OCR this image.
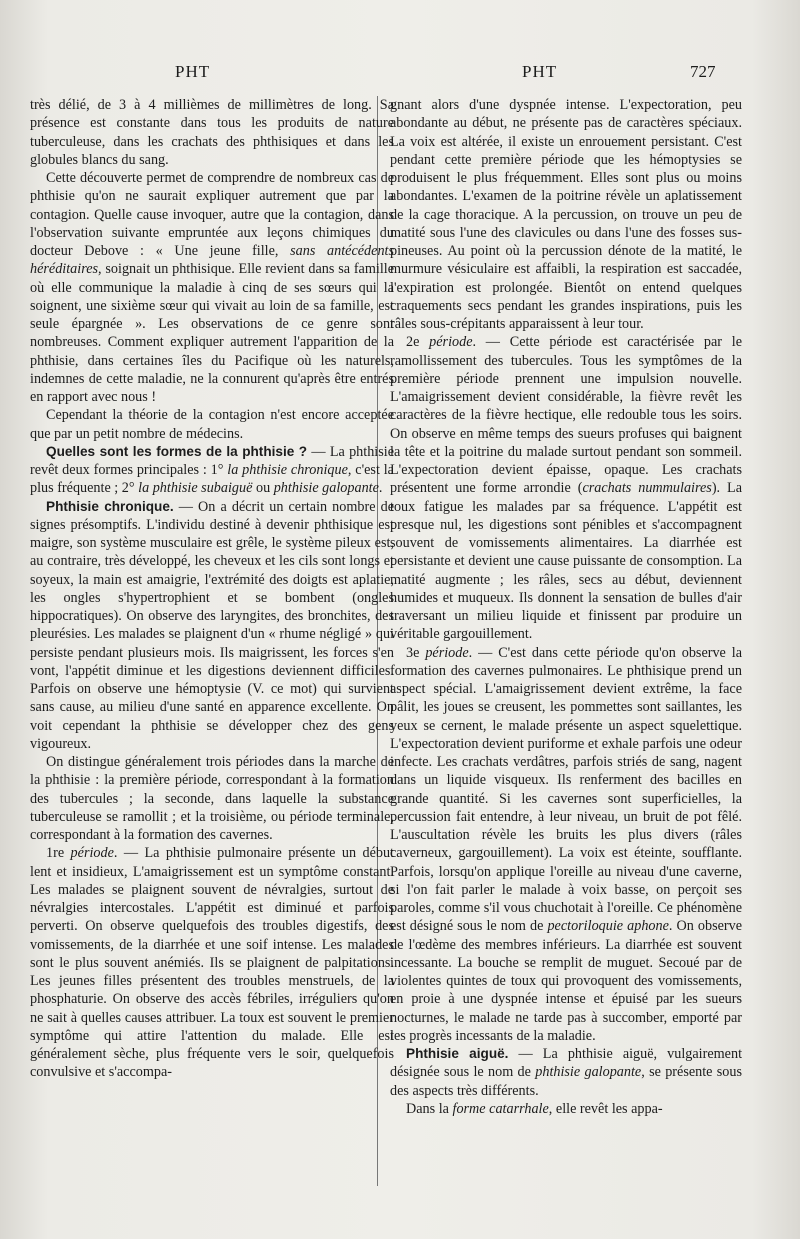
PHT	PHT	727

très délié, de 3 à 4 millièmes de millimètres de long. Sa présence est constante dans tous les produits de nature tuberculeuse, dans les crachats des phthisiques et dans les globules blancs du sang.

Cette découverte permet de comprendre de nombreux cas de phthisie qu'on ne saurait expliquer autrement que par la contagion. Quelle cause invoquer, autre que la contagion, dans l'observation suivante empruntée aux leçons chimiques du docteur Debove : « Une jeune fille, sans antécédents héréditaires, soignait un phthisique. Elle revient dans sa famille où elle communique la maladie à cinq de ses sœurs qui la soignent, une sixième sœur qui vivait au loin de sa famille, est seule épargnée ». Les observations de ce genre sont nombreuses. Comment expliquer autrement l'apparition de la phthisie, dans certaines îles du Pacifique où les naturels, indemnes de cette maladie, ne la connurent qu'après être entrés en rapport avec nous !

Cependant la théorie de la contagion n'est encore acceptée que par un petit nombre de médecins.

Quelles sont les formes de la phthisie ? — La phthisie revêt deux formes principales : 1° la phthisie chronique, c'est la plus fréquente ; 2° la phthisie subaiguë ou phthisie galopante.

Phthisie chronique. — On a décrit un certain nombre de signes présomptifs. L'individu destiné à devenir phthisique est maigre, son système musculaire est grêle, le système pileux est, au contraire, très développé, les cheveux et les cils sont longs et soyeux, la main est amaigrie, l'extrémité des doigts est aplatie, les ongles s'hypertrophient et se bombent (ongles hippocratiques). On observe des laryngites, des bronchites, des pleurésies. Les malades se plaignent d'un « rhume négligé » qui persiste pendant plusieurs mois. Ils maigrissent, les forces s'en vont, l'appétit diminue et les digestions deviennent difficiles. Parfois on observe une hémoptysie (V. ce mot) qui survient sans cause, au milieu d'une santé en apparence excellente. On voit cependant la phthisie se développer chez des gens vigoureux.

On distingue généralement trois périodes dans la marche de la phthisie : la première période, correspondant à la formation des tubercules ; la seconde, dans laquelle la substance tuberculeuse se ramollit ; et la troisième, ou période terminale, correspondant à la formation des cavernes.

1re période. — La phthisie pulmonaire présente un début lent et insidieux, L'amaigrissement est un symptôme constant. Les malades se plaignent souvent de névralgies, surtout de névralgies intercostales. L'appétit est diminué et parfois perverti. On observe quelquefois des troubles digestifs, des vomissements, de la diarrhée et une soif intense. Les malades sont le plus souvent anémiés. Ils se plaignent de palpitations. Les jeunes filles présentent des troubles menstruels, de la phosphaturie. On observe des accès fébriles, irréguliers qu'on ne sait à quelles causes attribuer. La toux est souvent le premier symptôme qui attire l'attention du malade. Elle est généralement sèche, plus fréquente vers le soir, quelquefois convulsive et s'accompa-

gnant alors d'une dyspnée intense. L'expectoration, peu abondante au début, ne présente pas de caractères spéciaux. La voix est altérée, il existe un enrouement persistant. C'est pendant cette première période que les hémoptysies se produisent le plus fréquemment. Elles sont plus ou moins abondantes. L'examen de la poitrine révèle un aplatissement de la cage thoracique. A la percussion, on trouve un peu de matité sous l'une des clavicules ou dans l'une des fosses sus-pineuses. Au point où la percussion dénote de la matité, le murmure vésiculaire est affaibli, la respiration est saccadée, l'expiration est prolongée. Bientôt on entend quelques craquements secs pendant les grandes inspirations, puis les râles sous-crépitants apparaissent à leur tour.

2e période. — Cette période est caractérisée par le ramollissement des tubercules. Tous les symptômes de la première période prennent une impulsion nouvelle. L'amaigrissement devient considérable, la fièvre revêt les caractères de la fièvre hectique, elle redouble tous les soirs. On observe en même temps des sueurs profuses qui baignent la tête et la poitrine du malade surtout pendant son sommeil. L'expectoration devient épaisse, opaque. Les crachats présentent une forme arrondie (crachats nummulaires). La toux fatigue les malades par sa fréquence. L'appétit est presque nul, les digestions sont pénibles et s'accompagnent souvent de vomissements alimentaires. La diarrhée est persistante et devient une cause puissante de consomption. La matité augmente ; les râles, secs au début, deviennent humides et muqueux. Ils donnent la sensation de bulles d'air traversant un milieu liquide et finissent par produire un véritable gargouillement.

3e période. — C'est dans cette période qu'on observe la formation des cavernes pulmonaires. Le phthisique prend un aspect spécial. L'amaigrissement devient extrême, la face pâlit, les joues se creusent, les pommettes sont saillantes, les yeux se cernent, le malade présente un aspect squelettique. L'expectoration devient puriforme et exhale parfois une odeur infecte. Les crachats verdâtres, parfois striés de sang, nagent dans un liquide visqueux. Ils renferment des bacilles en grande quantité. Si les cavernes sont superficielles, la percussion fait entendre, à leur niveau, un bruit de pot fêlé. L'auscultation révèle les bruits les plus divers (râles caverneux, gargouillement). La voix est éteinte, soufflante. Parfois, lorsqu'on applique l'oreille au niveau d'une caverne, si l'on fait parler le malade à voix basse, on perçoit ses paroles, comme s'il vous chuchotait à l'oreille. Ce phénomène est désigné sous le nom de pectoriloquie aphone. On observe de l'œdème des membres inférieurs. La diarrhée est souvent incessante. La bouche se remplit de muguet. Secoué par de violentes quintes de toux qui provoquent des vomissements, en proie à une dyspnée intense et épuisé par les sueurs nocturnes, le malade ne tarde pas à succomber, emporté par les progrès incessants de la maladie.

Phthisie aiguë. — La phthisie aiguë, vulgairement désignée sous le nom de phthisie galopante, se présente sous des aspects très différents.

Dans la forme catarrhale, elle revêt les appa-
